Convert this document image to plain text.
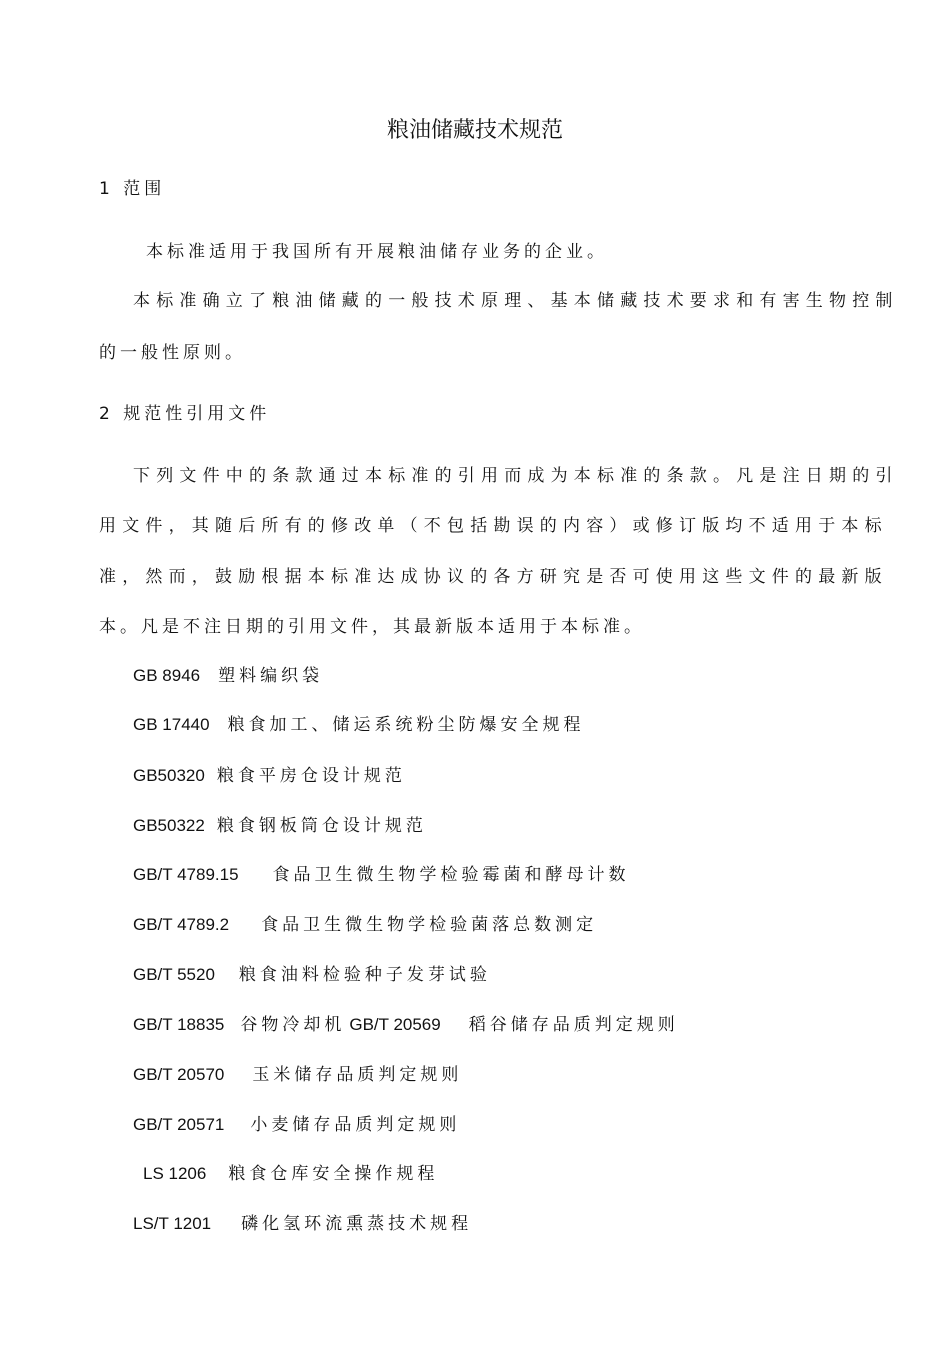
粮油储藏技术规范
1 范围
本标准适用于我国所有开展粮油储存业务的企业。
本标准确立了粮油储藏的一般技术原理、基本储藏技术要求和有害生物控制
的一般性原则。
2 规范性引用文件
下列文件中的条款通过本标准的引用而成为本标准的条款。凡是注日期的引
用文件，其随后所有的修改单（不包括勘误的内容）或修订版均不适用于本标
准，然而，鼓励根据本标准达成协议的各方研究是否可使用这些文件的最新版
本。凡是不注日期的引用文件，其最新版本适用于本标准。
GB 8946 塑料编织袋
GB 17440 粮食加工、储运系统粉尘防爆安全规程
GB50320 粮食平房仓设计规范
GB50322 粮食钢板筒仓设计规范
GB/T 4789.15 食品卫生微生物学检验霉菌和酵母计数
GB/T 4789.2 食品卫生微生物学检验菌落总数测定
GB/T 5520 粮食油料检验种子发芽试验
GB/T 18835 谷物冷却机 GB/T 20569 稻谷储存品质判定规则
GB/T 20570 玉米储存品质判定规则
GB/T 20571 小麦储存品质判定规则
LS 1206 粮食仓库安全操作规程
LS/T 1201 磷化氢环流熏蒸技术规程
